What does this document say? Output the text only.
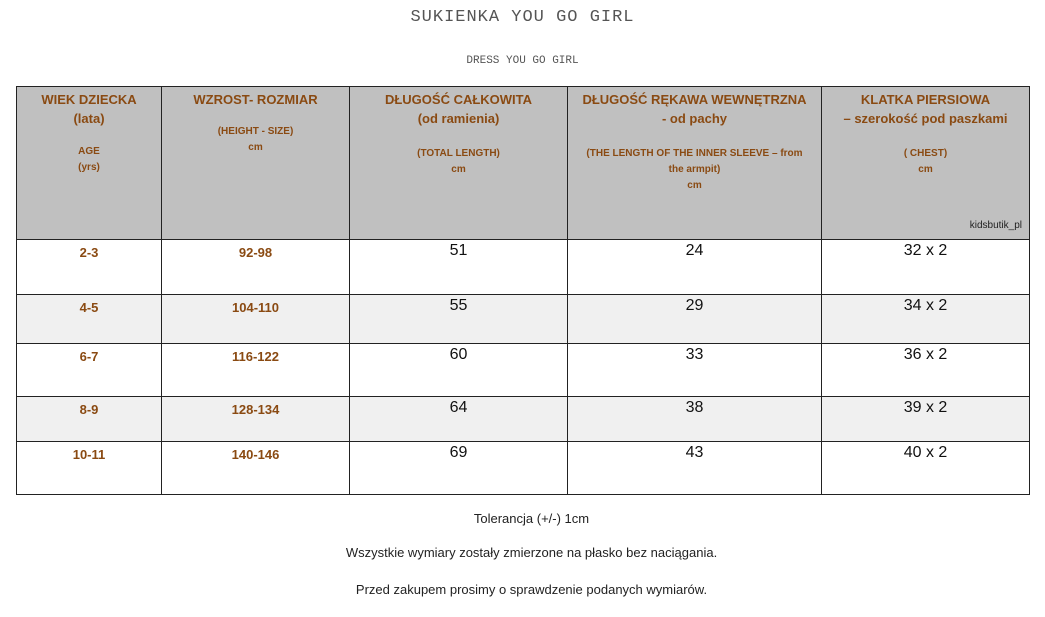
SUKIENKA YOU GO GIRL
DRESS YOU GO GIRL
WIEK DZIECKA
(lata)
AGE
(yrs)	WZROST- ROZMIAR
(HEIGHT - SIZE)
cm	DŁUGOŚĆ CAŁKOWITA
(od ramienia)
(TOTAL LENGTH)
cm	DŁUGOŚĆ RĘKAWA WEWNĘTRZNA
- od pachy
(THE LENGTH OF THE INNER SLEEVE – from
the armpit)
cm	KLATKA PIERSIOWA
– szerokość pod paszkami
( CHEST)
cm
kidsbutik_pl

2-3	92-98	51	24	32 x 2
4-5	104-110	55	29	34 x 2
6-7	116-122	60	33	36 x 2
8-9	128-134	64	38	39 x 2
10-11	140-146	69	43	40 x 2
Tolerancja (+/-) 1cm
Wszystkie wymiary zostały zmierzone na płasko bez naciągania.
Przed zakupem prosimy o sprawdzenie podanych wymiarów.
